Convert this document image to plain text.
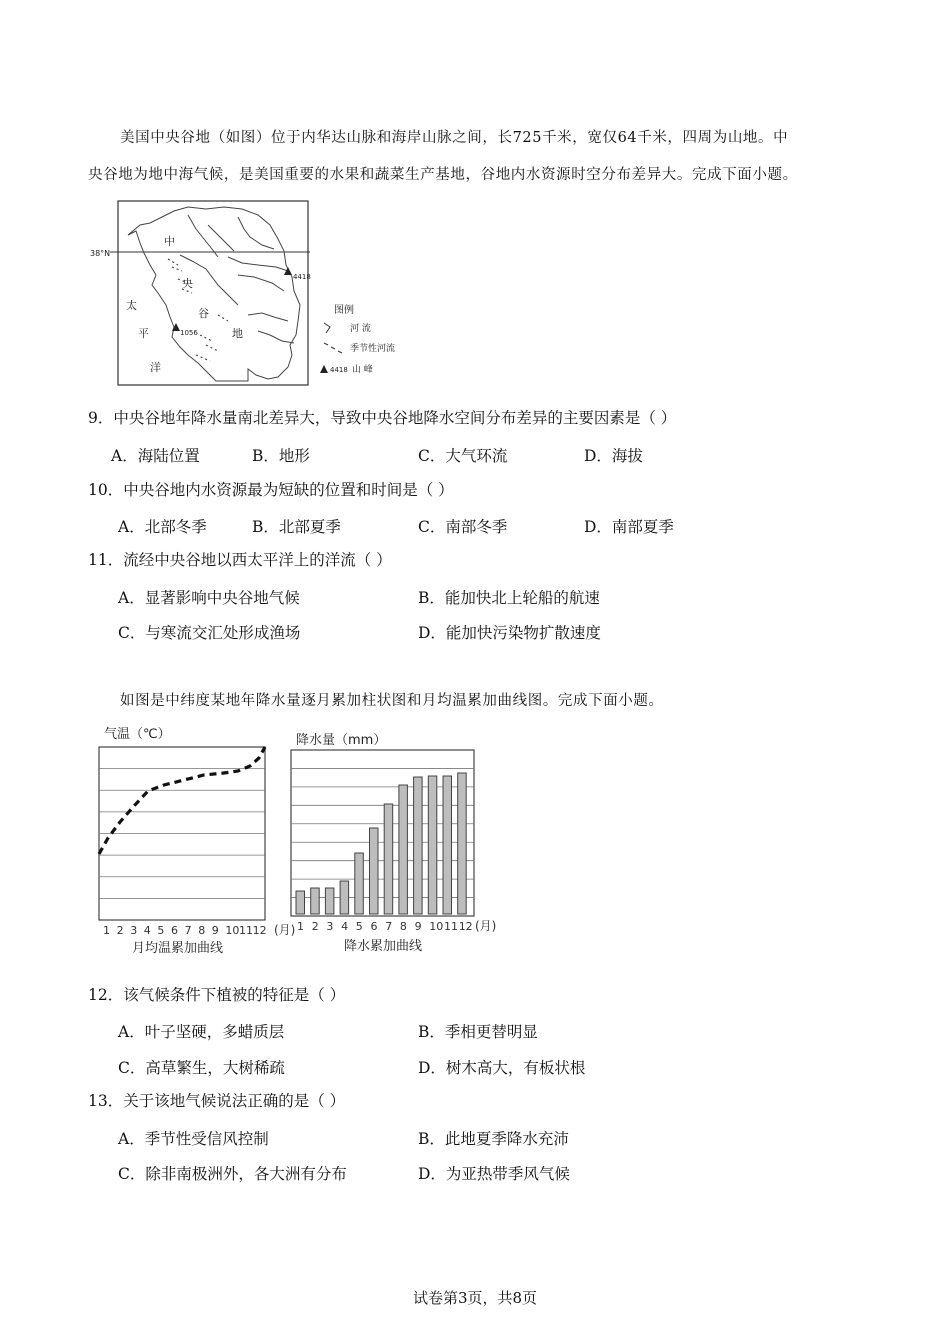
美国中央谷地（如图）位于内华达山脉和海岸山脉之间，长725千米，宽仅64千米，四周为山地。中
央谷地为地中海气候，是美国重要的水果和蔬菜生产基地，谷地内水资源时空分布差异大。完成下面小题。
38°N
4418
1056
中
央
谷
地
太
平
洋
图例
河 流
季节性河流
4418 山 峰
9．中央谷地年降水量南北差异大，导致中央谷地降水空间分布差异的主要因素是（ ）
A．海陆位置	B．地形	C．大气环流	D．海拔
10．中央谷地内水资源最为短缺的位置和时间是（ ）
A．北部冬季	B．北部夏季	C．南部冬季	D．南部夏季
11．流经中央谷地以西太平洋上的洋流（ ）
A．显著影响中央谷地气候	B．能加快北上轮船的航速
C．与寒流交汇处形成渔场	D．能加快污染物扩散速度
如图是中纬度某地年降水量逐月累加柱状图和月均温累加曲线图。完成下面小题。
气温（℃）
1 2 3 4 5 6 7 8 9 10 11 12 (月)
月均温累加曲线
降水量（mm）
1 2 3 4 5 6 7 8 9 10 11 12 (月)
降水累加曲线
12．该气候条件下植被的特征是（ ）
A．叶子坚硬，多蜡质层	B．季相更替明显
C．高草繁生，大树稀疏	D．树木高大，有板状根
13．关于该地气候说法正确的是（ ）
A．季节性受信风控制	B．此地夏季降水充沛
C．除非南极洲外，各大洲有分布	D．为亚热带季风气候
试卷第3页，共8页
